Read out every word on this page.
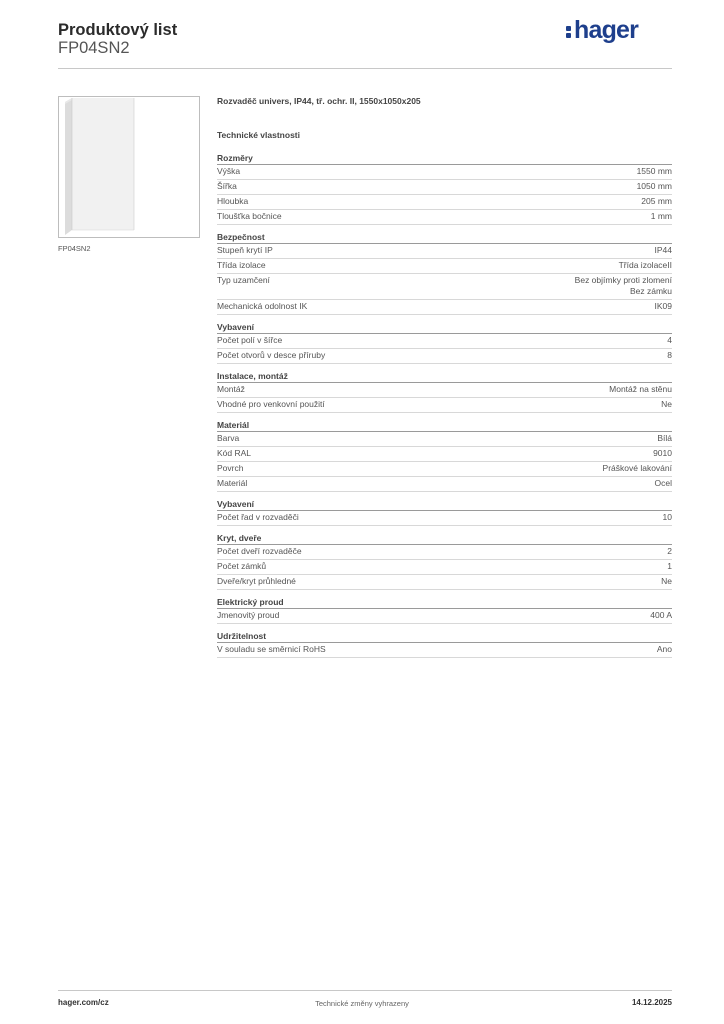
Produktový list
FP04SN2
hager
FP04SN2
Rozvaděč univers, IP44, tř. ochr. II, 1550x1050x205
Technické vlastnosti
Rozměry
Výška	1550 mm
Šířka	1050 mm
Hloubka	205 mm
Tloušťka bočnice	1 mm
Bezpečnost
Stupeň krytí IP	IP44
Třída izolace	Třída izolaceII
Typ uzamčení	Bez objímky proti zlomení
Bez zámku
Mechanická odolnost IK	IK09
Vybavení
Počet polí v šířce	4
Počet otvorů v desce příruby	8
Instalace, montáž
Montáž	Montáž na stěnu
Vhodné pro venkovní použití	Ne
Materiál
Barva	Bílá
Kód RAL	9010
Povrch	Práškové lakování
Materiál	Ocel
Vybavení
Počet řad v rozvaděči	10
Kryt, dveře
Počet dveří rozvaděče	2
Počet zámků	1
Dveře/kryt průhledné	Ne
Elektrický proud
Jmenovitý proud	400 A
Udržitelnost
V souladu se směrnicí RoHS	Ano
hager.com/cz	Technické změny vyhrazeny	14.12.2025
